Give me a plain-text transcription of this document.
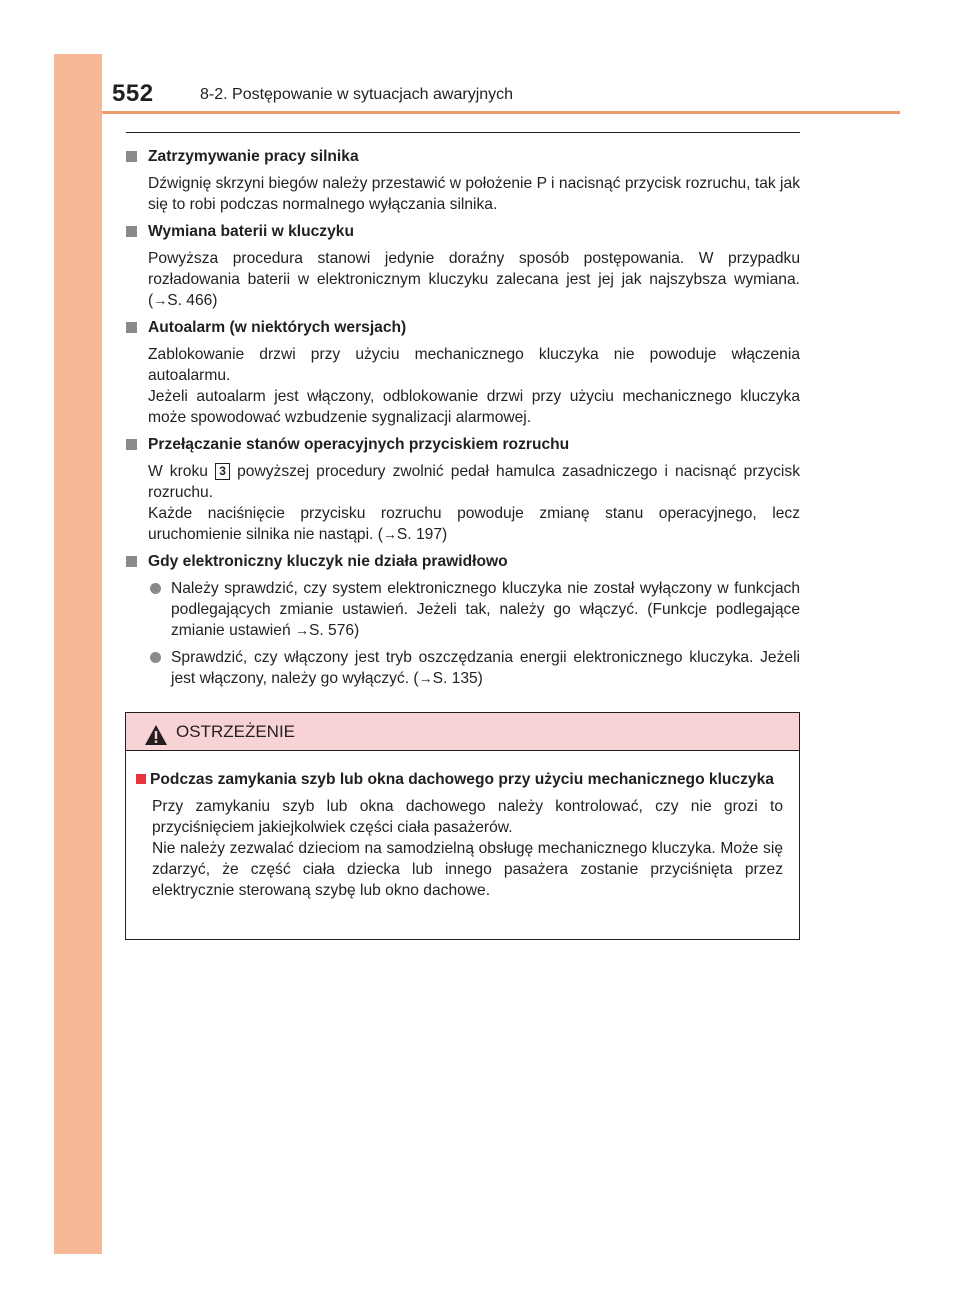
552	8-2. Postępowanie w sytuacjach awaryjnych
Zatrzymywanie pracy silnika

Dźwignię skrzyni biegów należy przestawić w położenie P i nacisnąć przycisk rozruchu, tak jak się to robi podczas normalnego wyłączania silnika.

Wymiana baterii w kluczyku

Powyższa procedura stanowi jedynie doraźny sposób postępowania. W przypadku rozładowania baterii w elektronicznym kluczyku zalecana jest jej jak najszybsza wymiana. (→S. 466)

Autoalarm (w niektórych wersjach)

Zablokowanie drzwi przy użyciu mechanicznego kluczyka nie powoduje włączenia autoalarmu.

Jeżeli autoalarm jest włączony, odblokowanie drzwi przy użyciu mechanicznego kluczyka może spowodować wzbudzenie sygnalizacji alarmowej.

Przełączanie stanów operacyjnych przyciskiem rozruchu

W kroku 3 powyższej procedury zwolnić pedał hamulca zasadniczego i nacisnąć przycisk rozruchu.

Każde naciśnięcie przycisku rozruchu powoduje zmianę stanu operacyjnego, lecz uruchomienie silnika nie nastąpi. (→S. 197)

Gdy elektroniczny kluczyk nie działa prawidłowo
Należy sprawdzić, czy system elektronicznego kluczyka nie został wyłączony w funkcjach podlegających zmianie ustawień. Jeżeli tak, należy go włączyć. (Funkcje podlegające zmianie ustawień →S. 576)
Sprawdzić, czy włączony jest tryb oszczędzania energii elektronicznego kluczyka. Jeżeli jest włączony, należy go wyłączyć. (→S. 135)
OSTRZEŻENIE
Podczas zamykania szyb lub okna dachowego przy użyciu mechanicznego kluczyka

Przy zamykaniu szyb lub okna dachowego należy kontrolować, czy nie grozi to przyciśnięciem jakiejkolwiek części ciała pasażerów.

Nie należy zezwalać dzieciom na samodzielną obsługę mechanicznego kluczyka. Może się zdarzyć, że część ciała dziecka lub innego pasażera zostanie przyciśnięta przez elektrycznie sterowaną szybę lub okno dachowe.
